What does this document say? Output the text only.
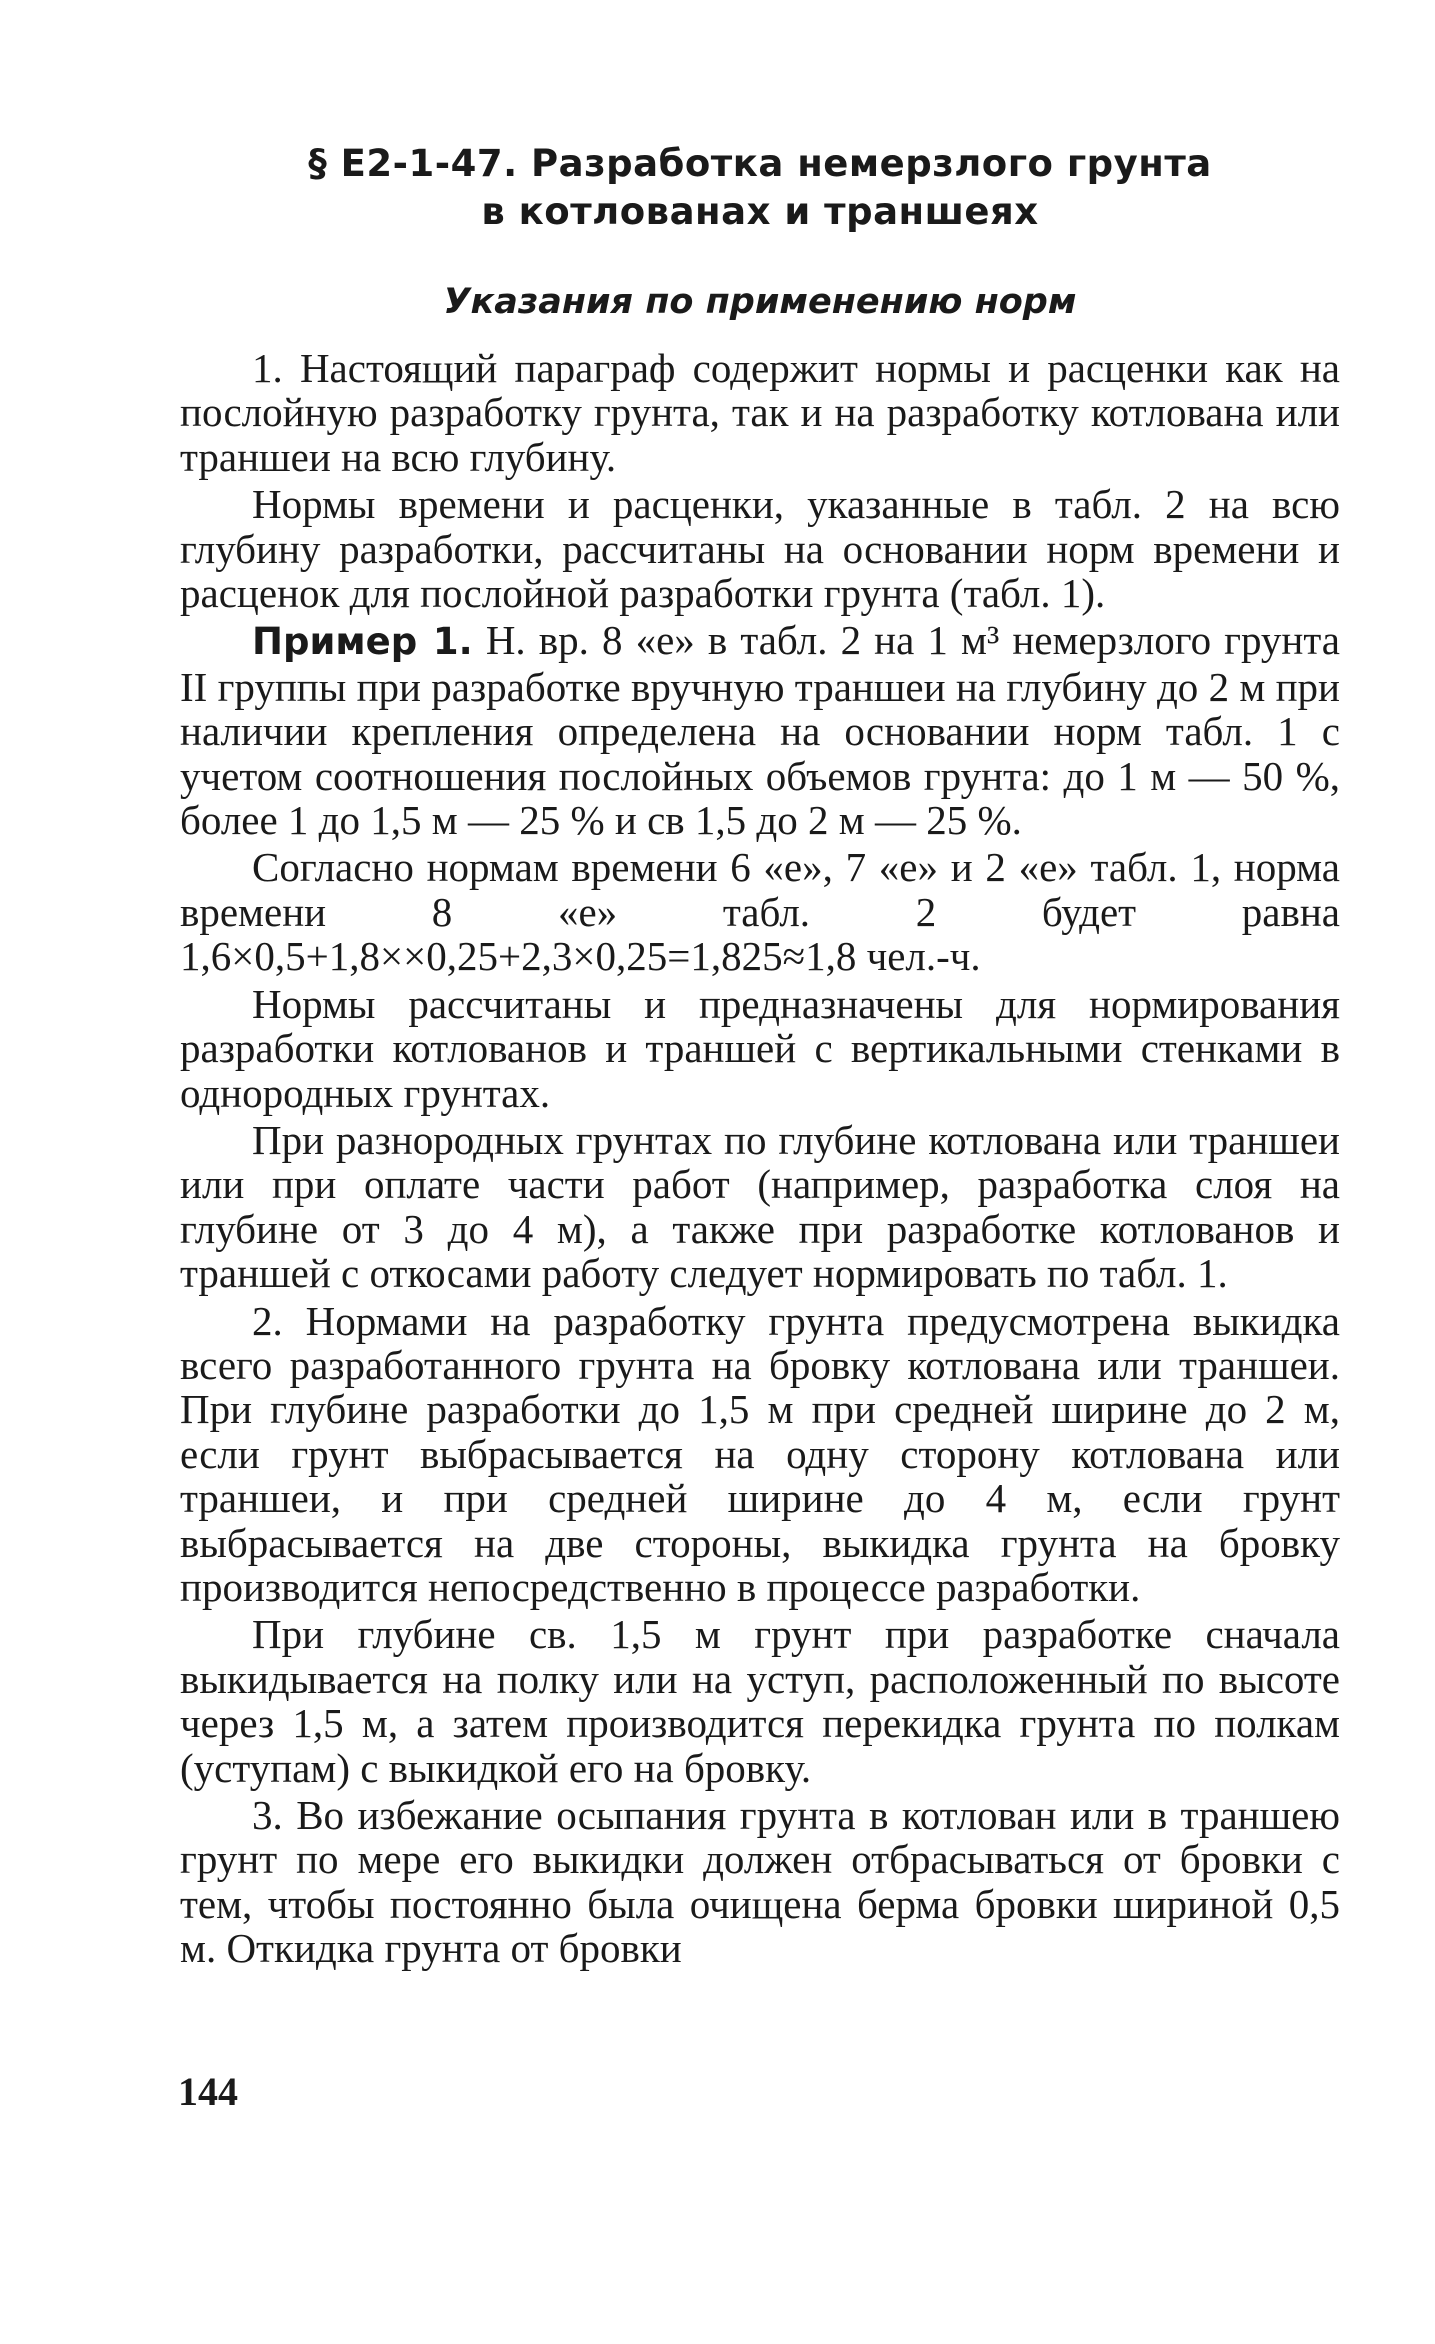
§ Е2-1-47. Разработка немерзлого грунта
в котлованах и траншеях
Указания по применению норм

1. Настоящий параграф содержит нормы и расценки как на послойную разработку грунта, так и на разработку котлована или траншеи на всю глубину.

Нормы времени и расценки, указанные в табл. 2 на всю глубину разработки, рассчитаны на основании норм времени и расценок для послойной разработки грунта (табл. 1).

Пример 1. Н. вр. 8 «е» в табл. 2 на 1 м³ немерзлого грунта II группы при разработке вручную траншеи на глубину до 2 м при наличии крепления определена на основании норм табл. 1 с учетом соотношения послойных объемов грунта: до 1 м — 50 %, более 1 до 1,5 м — 25 % и св 1,5 до 2 м — 25 %.

Согласно нормам времени 6 «е», 7 «е» и 2 «е» табл. 1, норма времени 8 «е» табл. 2 будет равна 1,6×0,5+1,8××0,25+2,3×0,25=1,825≈1,8 чел.-ч.

Нормы рассчитаны и предназначены для нормирования разработки котлованов и траншей с вертикальными стенками в однородных грунтах.

При разнородных грунтах по глубине котлована или траншеи или при оплате части работ (например, разработка слоя на глубине от 3 до 4 м), а также при разработке котлованов и траншей с откосами работу следует нормировать по табл. 1.

2. Нормами на разработку грунта предусмотрена выкидка всего разработанного грунта на бровку котлована или траншеи. При глубине разработки до 1,5 м при средней ширине до 2 м, если грунт выбрасывается на одну сторону котлована или траншеи, и при средней ширине до 4 м, если грунт выбрасывается на две стороны, выкидка грунта на бровку производится непосредственно в процессе разработки.

При глубине св. 1,5 м грунт при разработке сначала выкидывается на полку или на уступ, расположенный по высоте через 1,5 м, а затем производится перекидка грунта по полкам (уступам) с выкидкой его на бровку.

3. Во избежание осыпания грунта в котлован или в траншею грунт по мере его выкидки должен отбрасываться от бровки с тем, чтобы постоянно была очищена берма бровки шириной 0,5 м. Откидка грунта от бровки

144
